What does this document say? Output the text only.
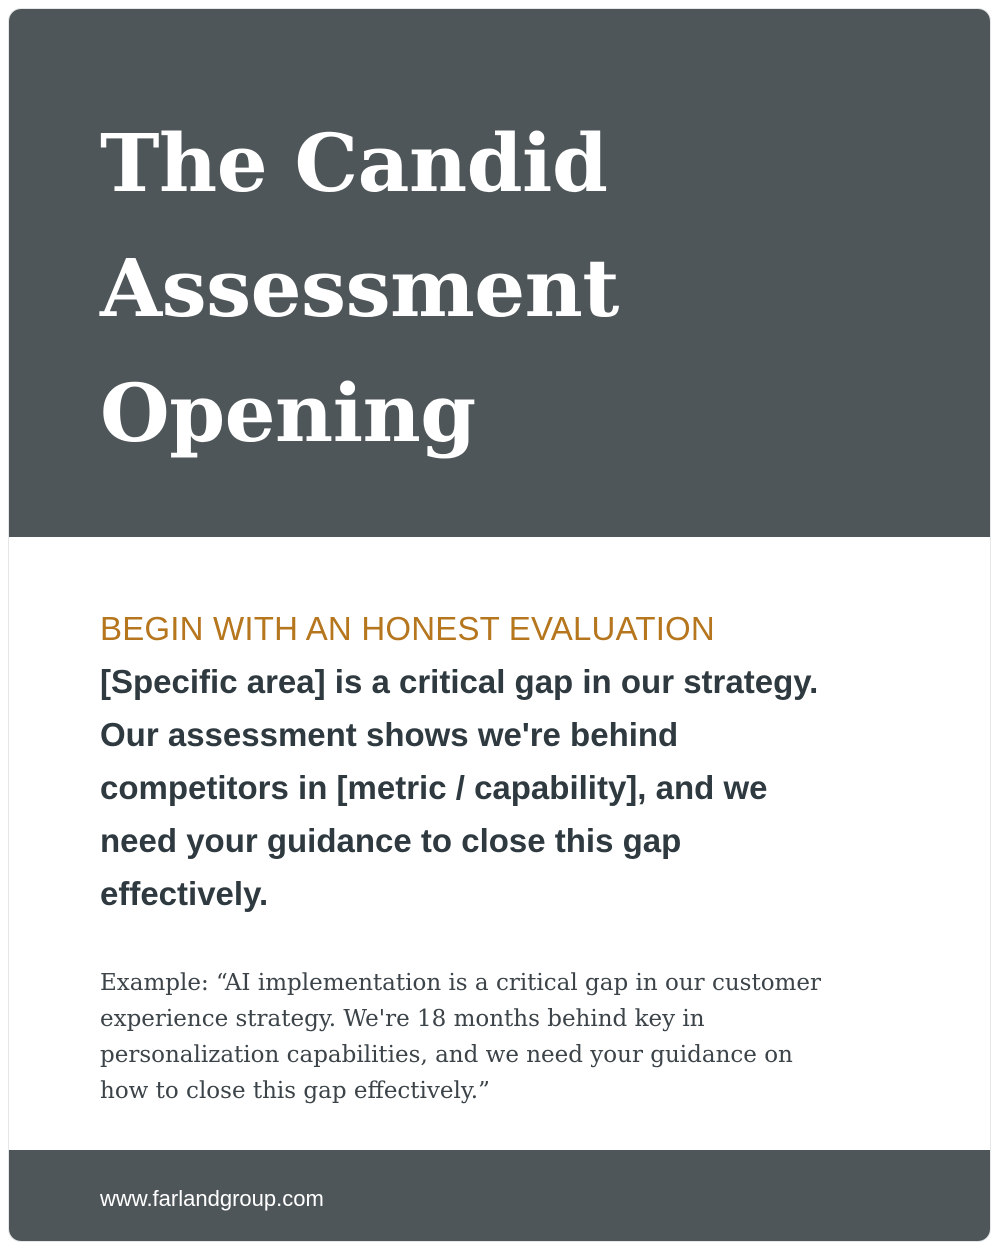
The Candid Assessment Opening

BEGIN WITH AN HONEST EVALUATION

[Specific area] is a critical gap in our strategy. Our assessment shows we're behind competitors in [metric / capability], and we need your guidance to close this gap effectively.

Example: “AI implementation is a critical gap in our customer experience strategy. We're 18 months behind key in personalization capabilities, and we need your guidance on how to close this gap effectively.”

www.farlandgroup.com
